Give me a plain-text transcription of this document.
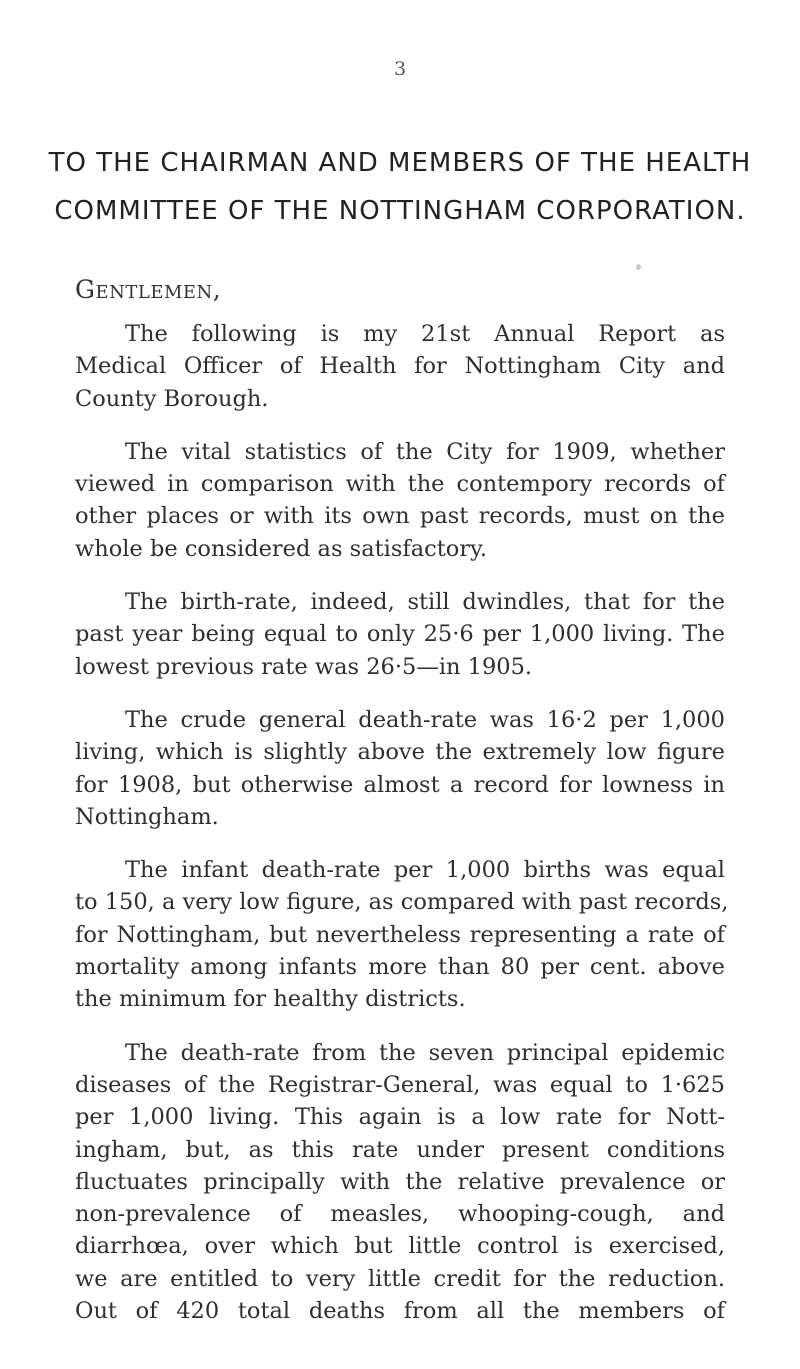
3
TO THE CHAIRMAN AND MEMBERS OF THE HEALTH
COMMITTEE OF THE NOTTINGHAM CORPORATION.
Gentlemen,

The following is my 21st Annual Report as
Medical Officer of Health for Nottingham City and
County Borough.

The vital statistics of the City for 1909, whether
viewed in comparison with the contempory records of
other places or with its own past records, must on the
whole be considered as satisfactory.

The birth-rate, indeed, still dwindles, that for the
past year being equal to only 25·6 per 1,000 living. The
lowest previous rate was 26·5—in 1905.

The crude general death-rate was 16·2 per 1,000
living, which is slightly above the extremely low figure
for 1908, but otherwise almost a record for lowness in
Nottingham.

The infant death-rate per 1,000 births was equal
to 150, a very low figure, as compared with past records,
for Nottingham, but nevertheless representing a rate of
mortality among infants more than 80 per cent. above
the minimum for healthy districts.

The death-rate from the seven principal epidemic
diseases of the Registrar-General, was equal to 1·625
per 1,000 living. This again is a low rate for Nott-
ingham, but, as this rate under present conditions
fluctuates principally with the relative prevalence or
non-prevalence of measles, whooping-cough, and
diarrhœa, over which but little control is exercised,
we are entitled to very little credit for the reduction.
Out of 420 total deaths from all the members of
